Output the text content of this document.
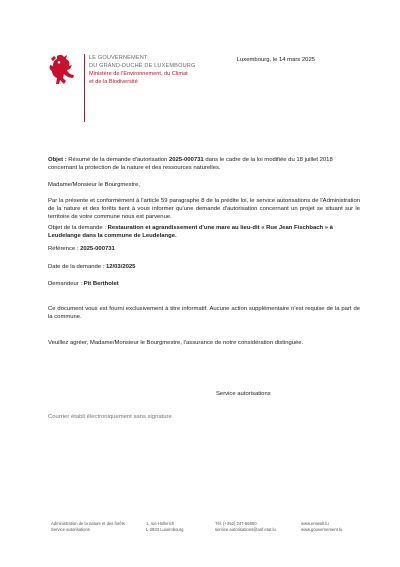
LE GOUVERNEMENT
DU GRAND-DUCHÉ DE LUXEMBOURG
Ministère de l'Environnement, du Climat
et de la Biodiversité
Luxembourg, le 14 mars 2025
Objet : Résumé de la demande d'autorisation 2025-000731 dans le cadre de la loi modifiée du 18 juillet 2018 concernant la protection de la nature et des ressources naturelles.
Madame/Monsieur le Bourgmestre,
Par la présente et conformément à l'article 59 paragraphe 8 de la prédite loi, le service autorisations de l'Administration de la nature et des forêts tient à vous informer qu'une demande d'autorisation concernant un projet se situant sur le territoire de votre commune nous est parvenue.
Objet de la demande : Restauration et agrandissement d'une mare au lieu-dit « Rue Jean Fischbach » à Leudelange dans la commune de Leudelange.
Référence : 2025-000731
Date de la demande : 12/03/2025
Demandeur : Pit Bertholet
Ce document vous est fourni exclusivement à titre informatif. Aucune action supplémentaire n'est requise de la part de la commune.
Veuillez agréer, Madame/Monsieur le Bourgmestre, l'assurance de notre considération distinguée.
Service autorisations
Courrier établi électroniquement sans signature
Administration de la nature et des forêts
Service autorisations
1, rue Hollerich
L-2933 Luxembourg
Tél. (+352) 247-56600
service.autorisations@anf.etat.lu
www.emwelt.lu
www.gouvernement.lu
